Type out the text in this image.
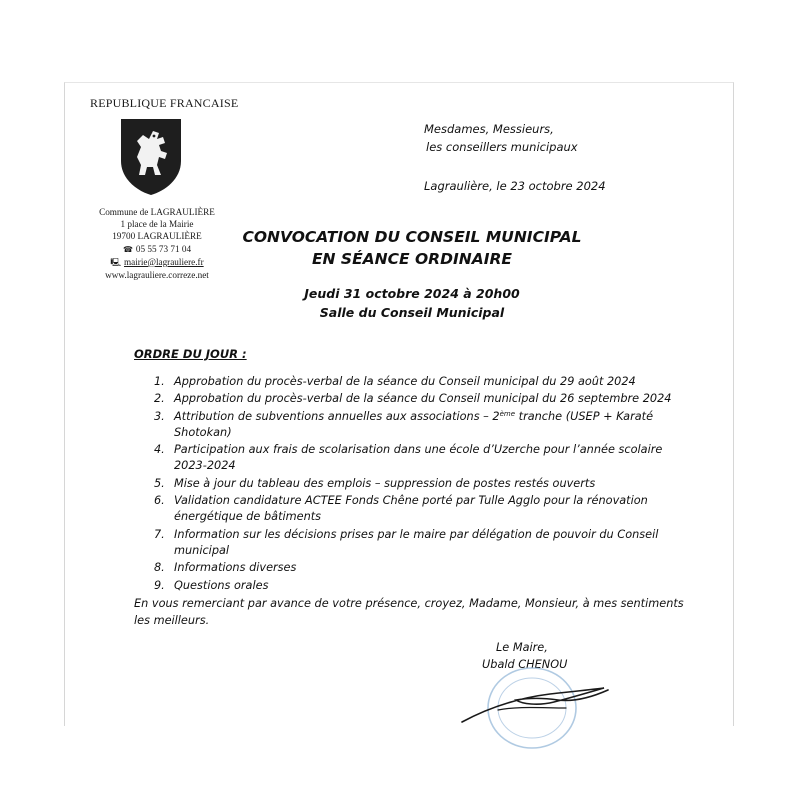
REPUBLIQUE FRANCAISE
Commune de LAGRAULIÈRE
1 place de la Mairie
19700 LAGRAULIÈRE
☎ 05 55 73 71 04
🖳 mairie@lagrauliere.fr
www.lagrauliere.correze.net
Mesdames, Messieurs,
les conseillers municipaux
Lagraulière, le 23 octobre 2024
CONVOCATION DU CONSEIL MUNICIPAL
EN SÉANCE ORDINAIRE
Jeudi 31 octobre 2024 à 20h00
Salle du Conseil Municipal
ORDRE DU JOUR :
1. Approbation du procès-verbal de la séance du Conseil municipal du 29 août 2024
2. Approbation du procès-verbal de la séance du Conseil municipal du 26 septembre 2024
3. Attribution de subventions annuelles aux associations – 2ème tranche (USEP + Karaté Shotokan)
4. Participation aux frais de scolarisation dans une école d’Uzerche pour l’année scolaire 2023-2024
5. Mise à jour du tableau des emplois – suppression de postes restés ouverts
6. Validation candidature ACTEE Fonds Chêne porté par Tulle Agglo pour la rénovation énergétique de bâtiments
7. Information sur les décisions prises par le maire par délégation de pouvoir du Conseil municipal
8. Informations diverses
9. Questions orales
En vous remerciant par avance de votre présence, croyez, Madame, Monsieur, à mes sentiments les meilleurs.
Le Maire,
Ubald CHENOU
